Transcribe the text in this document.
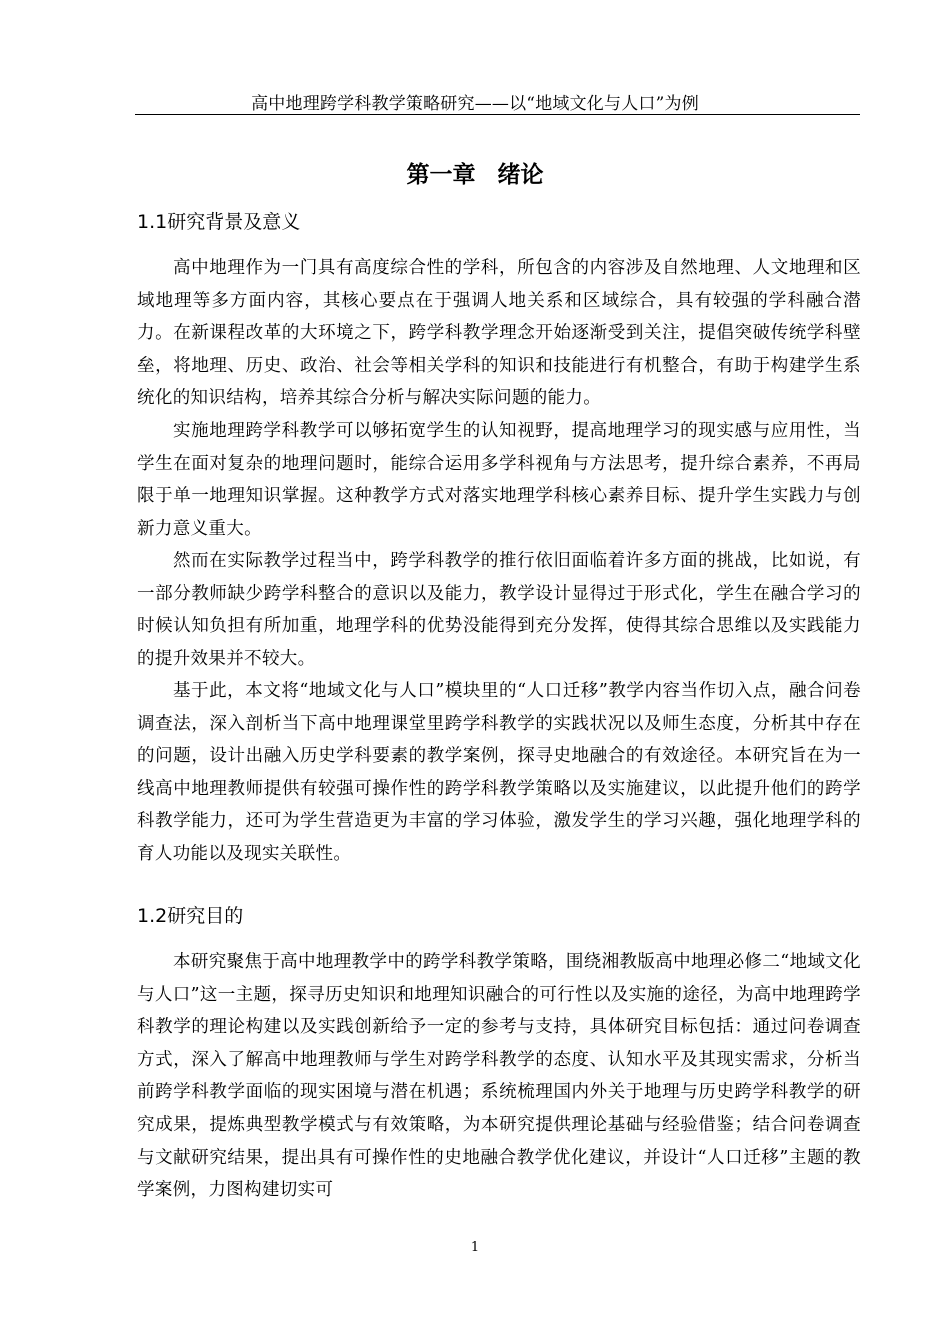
高中地理跨学科教学策略研究——以“地域文化与人口”为例
第一章 绪论
1.1研究背景及意义

高中地理作为一门具有高度综合性的学科，所包含的内容涉及自然地理、人文地理和区域地理等多方面内容，其核心要点在于强调人地关系和区域综合，具有较强的学科融合潜力。在新课程改革的大环境之下，跨学科教学理念开始逐渐受到关注，提倡突破传统学科壁垒，将地理、历史、政治、社会等相关学科的知识和技能进行有机整合，有助于构建学生系统化的知识结构，培养其综合分析与解决实际问题的能力。

实施地理跨学科教学可以够拓宽学生的认知视野，提高地理学习的现实感与应用性，当学生在面对复杂的地理问题时，能综合运用多学科视角与方法思考，提升综合素养，不再局限于单一地理知识掌握。这种教学方式对落实地理学科核心素养目标、提升学生实践力与创新力意义重大。

然而在实际教学过程当中，跨学科教学的推行依旧面临着许多方面的挑战，比如说，有一部分教师缺少跨学科整合的意识以及能力，教学设计显得过于形式化，学生在融合学习的时候认知负担有所加重，地理学科的优势没能得到充分发挥，使得其综合思维以及实践能力的提升效果并不较大。

基于此，本文将“地域文化与人口”模块里的“人口迁移”教学内容当作切入点，融合问卷调查法，深入剖析当下高中地理课堂里跨学科教学的实践状况以及师生态度，分析其中存在的问题，设计出融入历史学科要素的教学案例，探寻史地融合的有效途径。本研究旨在为一线高中地理教师提供有较强可操作性的跨学科教学策略以及实施建议，以此提升他们的跨学科教学能力，还可为学生营造更为丰富的学习体验，激发学生的学习兴趣，强化地理学科的育人功能以及现实关联性。

1.2研究目的

本研究聚焦于高中地理教学中的跨学科教学策略，围绕湘教版高中地理必修二“地域文化与人口”这一主题，探寻历史知识和地理知识融合的可行性以及实施的途径，为高中地理跨学科教学的理论构建以及实践创新给予一定的参考与支持，具体研究目标包括：通过问卷调查方式，深入了解高中地理教师与学生对跨学科教学的态度、认知水平及其现实需求，分析当前跨学科教学面临的现实困境与潜在机遇；系统梳理国内外关于地理与历史跨学科教学的研究成果，提炼典型教学模式与有效策略，为本研究提供理论基础与经验借鉴；结合问卷调查与文献研究结果，提出具有可操作性的史地融合教学优化建议，并设计“人口迁移”主题的教学案例，力图构建切实可

1
